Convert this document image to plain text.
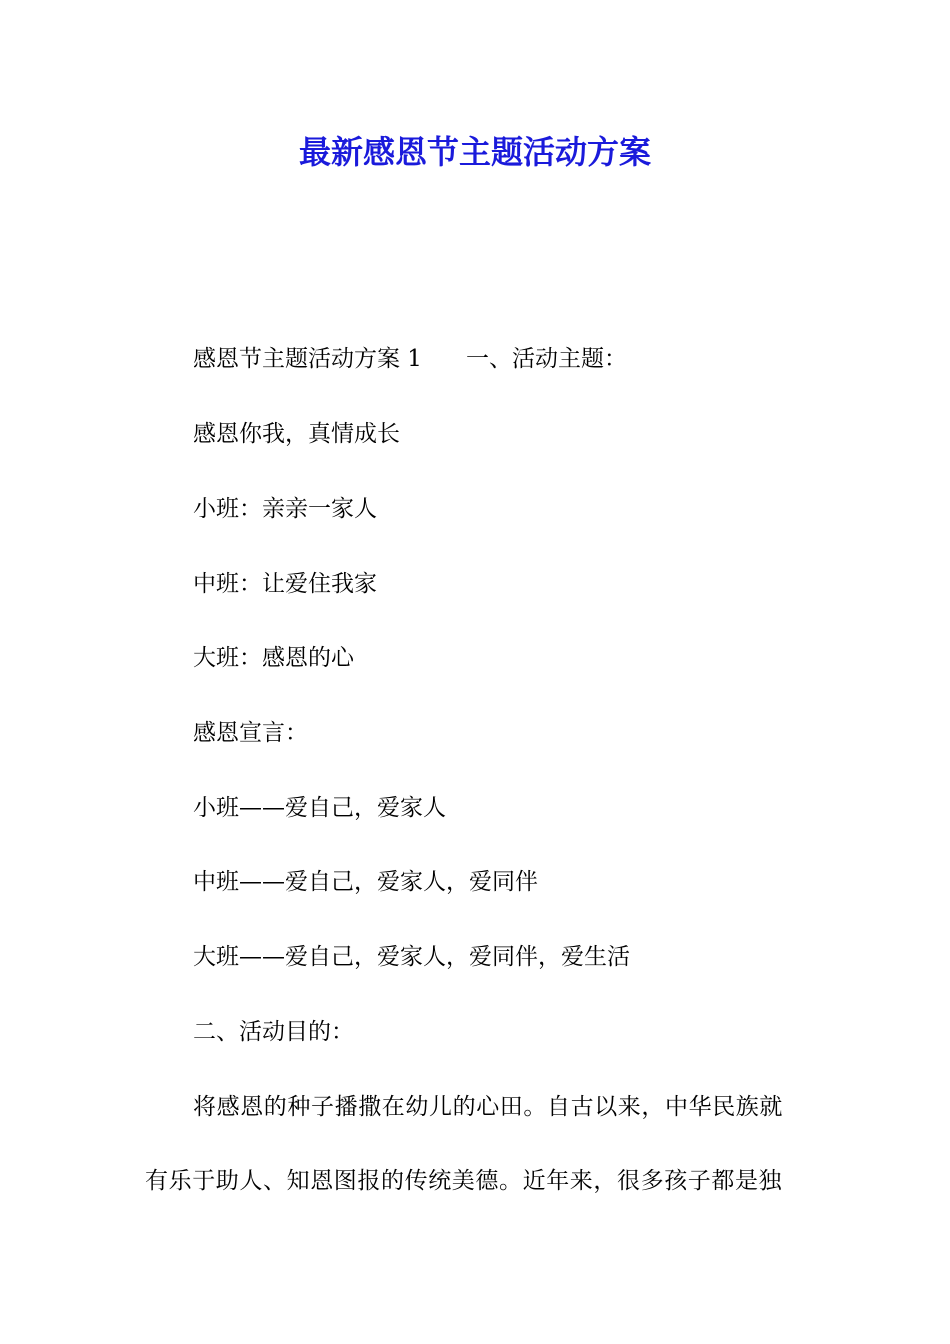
最新感恩节主题活动方案
感恩节主题活动方案 1 一、活动主题：
感恩你我，真情成长
小班：亲亲一家人
中班：让爱住我家
大班：感恩的心
感恩宣言：
小班——爱自己，爱家人
中班——爱自己，爱家人，爱同伴
大班——爱自己，爱家人，爱同伴，爱生活
二、活动目的：
将感恩的种子播撒在幼儿的心田。自古以来，中华民族就
有乐于助人、知恩图报的传统美德。近年来，很多孩子都是独
